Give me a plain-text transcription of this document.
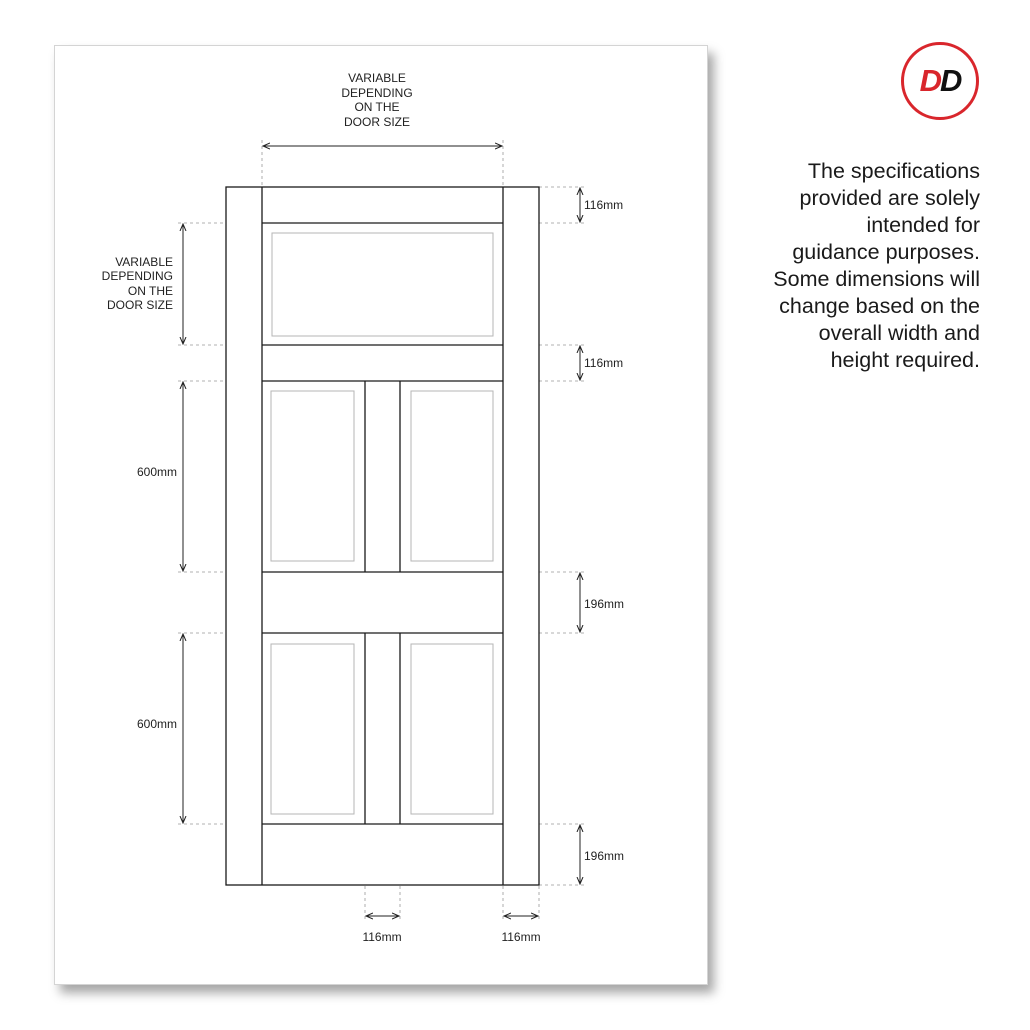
VARIABLE
DEPENDING
ON THE
DOOR SIZE
VARIABLE
DEPENDING
ON THE
DOOR SIZE
116mm
116mm
196mm
196mm
600mm
600mm
116mm	116mm
D D
The specifications
provided are solely
intended for
guidance purposes.
Some dimensions will
change based on the
overall width and
height required.
